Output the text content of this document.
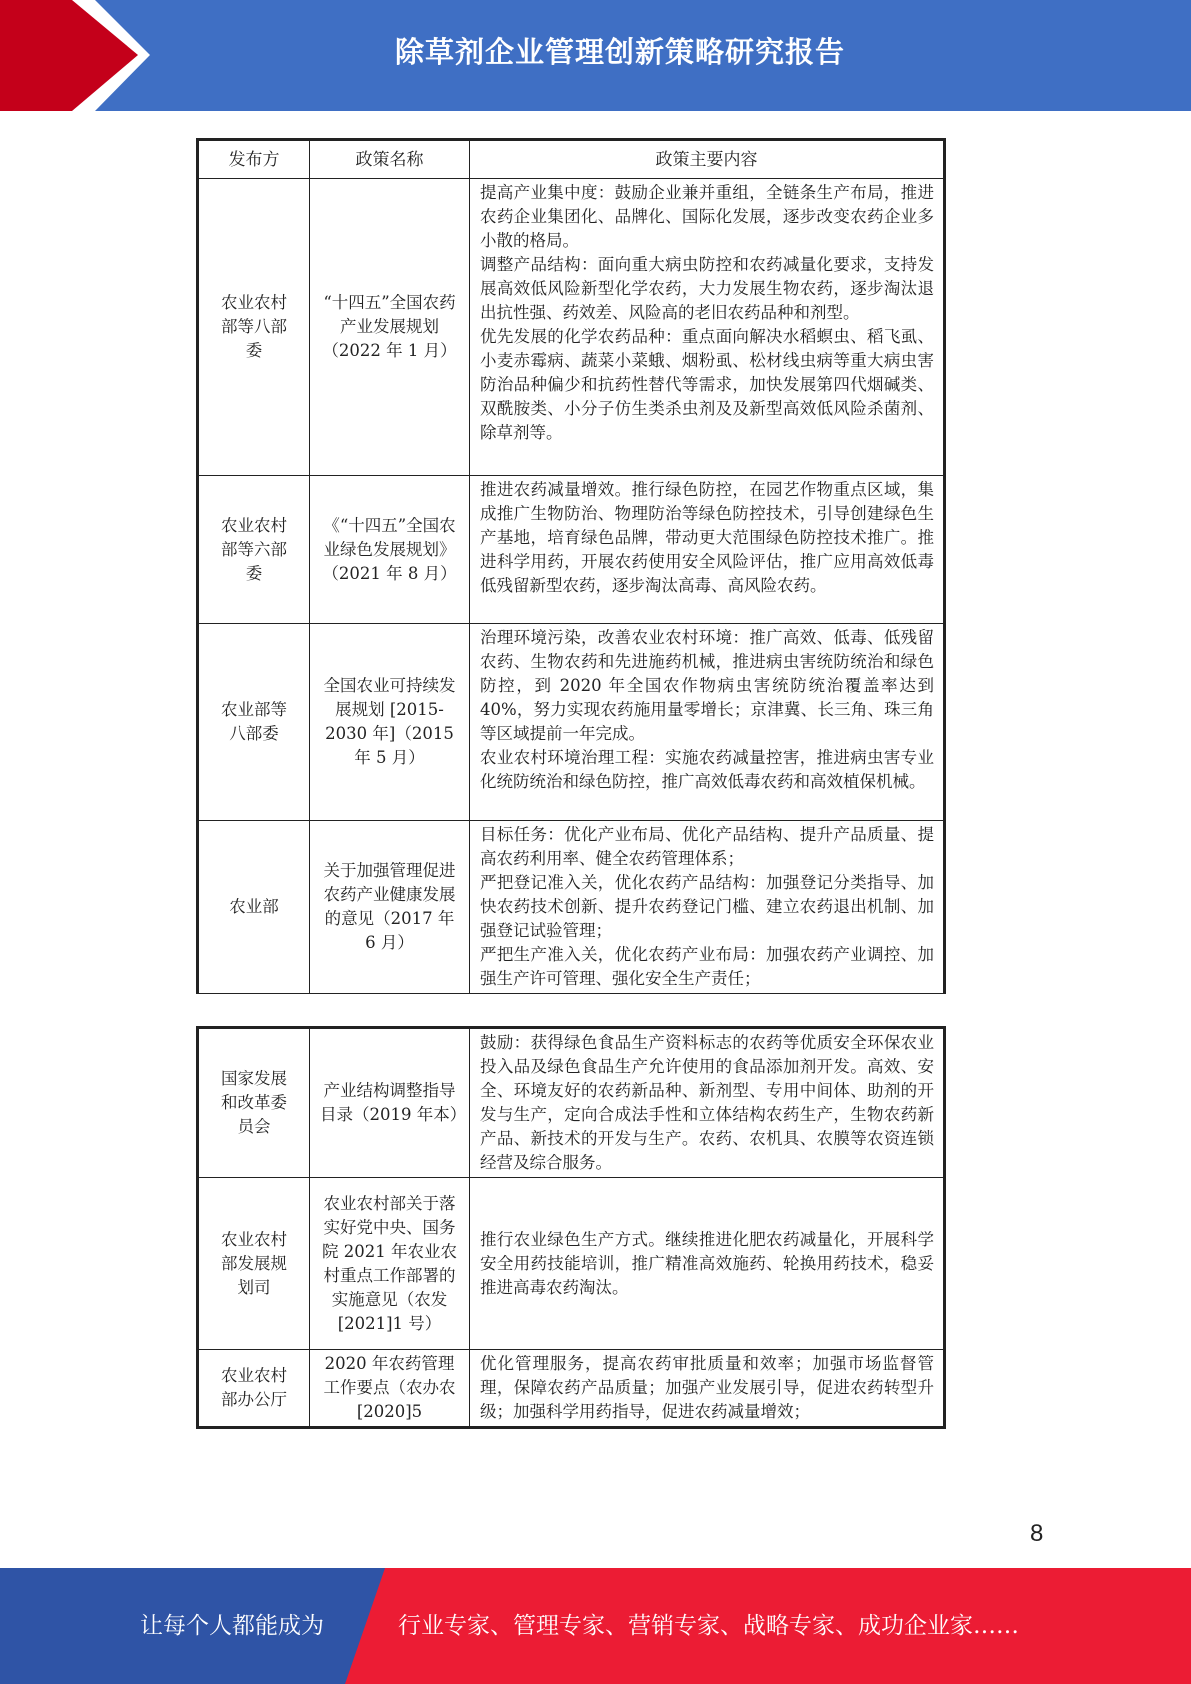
除草剂企业管理创新策略研究报告
发布方	政策名称	政策主要内容
农业农村部等八部委	“十四五”全国农药产业发展规划（2022 年 1 月）	提高产业集中度：鼓励企业兼并重组，全链条生产布局，推进农药企业集团化、品牌化、国际化发展，逐步改变农药企业多小散的格局。
调整产品结构：面向重大病虫防控和农药减量化要求，支持发展高效低风险新型化学农药，大力发展生物农药，逐步淘汰退出抗性强、药效差、风险高的老旧农药品种和剂型。
优先发展的化学农药品种：重点面向解决水稻螟虫、稻飞虱、小麦赤霉病、蔬菜小菜蛾、烟粉虱、松材线虫病等重大病虫害防治品种偏少和抗药性替代等需求，加快发展第四代烟碱类、双酰胺类、小分子仿生类杀虫剂及及新型高效低风险杀菌剂、除草剂等。

农业农村部等六部委	《“十四五”全国农业绿色发展规划》（2021 年 8 月）	推进农药减量增效。推行绿色防控，在园艺作物重点区域，集成推广生物防治、物理防治等绿色防控技术，引导创建绿色生产基地，培育绿色品牌，带动更大范围绿色防控技术推广。推进科学用药，开展农药使用安全风险评估，推广应用高效低毒低残留新型农药，逐步淘汰高毒、高风险农药。

农业部等八部委	全国农业可持续发展规划 [2015-2030 年]（2015 年 5 月）	治理环境污染，改善农业农村环境：推广高效、低毒、低残留农药、生物农药和先进施药机械，推进病虫害统防统治和绿色防控，到 2020 年全国农作物病虫害统防统治覆盖率达到 40%，努力实现农药施用量零增长；京津冀、长三角、珠三角等区域提前一年完成。
农业农村环境治理工程：实施农药减量控害，推进病虫害专业化统防统治和绿色防控，推广高效低毒农药和高效植保机械。

农业部	关于加强管理促进农药产业健康发展的意见（2017 年 6 月）	目标任务：优化产业布局、优化产品结构、提升产品质量、提高农药利用率、健全农药管理体系；
严把登记准入关，优化农药产品结构：加强登记分类指导、加快农药技术创新、提升农药登记门槛、建立农药退出机制、加强登记试验管理；
严把生产准入关，优化农药产业布局：加强农药产业调控、加强生产许可管理、强化安全生产责任；
国家发展和改革委员会	产业结构调整指导目录（2019 年本）	鼓励：获得绿色食品生产资料标志的农药等优质安全环保农业投入品及绿色食品生产允许使用的食品添加剂开发。高效、安全、环境友好的农药新品种、新剂型、专用中间体、助剂的开发与生产，定向合成法手性和立体结构农药生产，生物农药新产品、新技术的开发与生产。农药、农机具、农膜等农资连锁经营及综合服务。

农业农村部发展规划司	农业农村部关于落实好党中央、国务院 2021 年农业农村重点工作部署的实施意见（农发[2021]1 号）	推行农业绿色生产方式。继续推进化肥农药减量化，开展科学安全用药技能培训，推广精准高效施药、轮换用药技术，稳妥推进高毒农药淘汰。

农业农村部办公厅	2020 年农药管理工作要点（农办农[2020]5	优化管理服务，提高农药审批质量和效率；加强市场监督管理，保障农药产品质量；加强产业发展引导，促进农药转型升级；加强科学用药指导，促进农药减量增效；
8
让每个人都能成为	行业专家、管理专家、营销专家、战略专家、成功企业家……
